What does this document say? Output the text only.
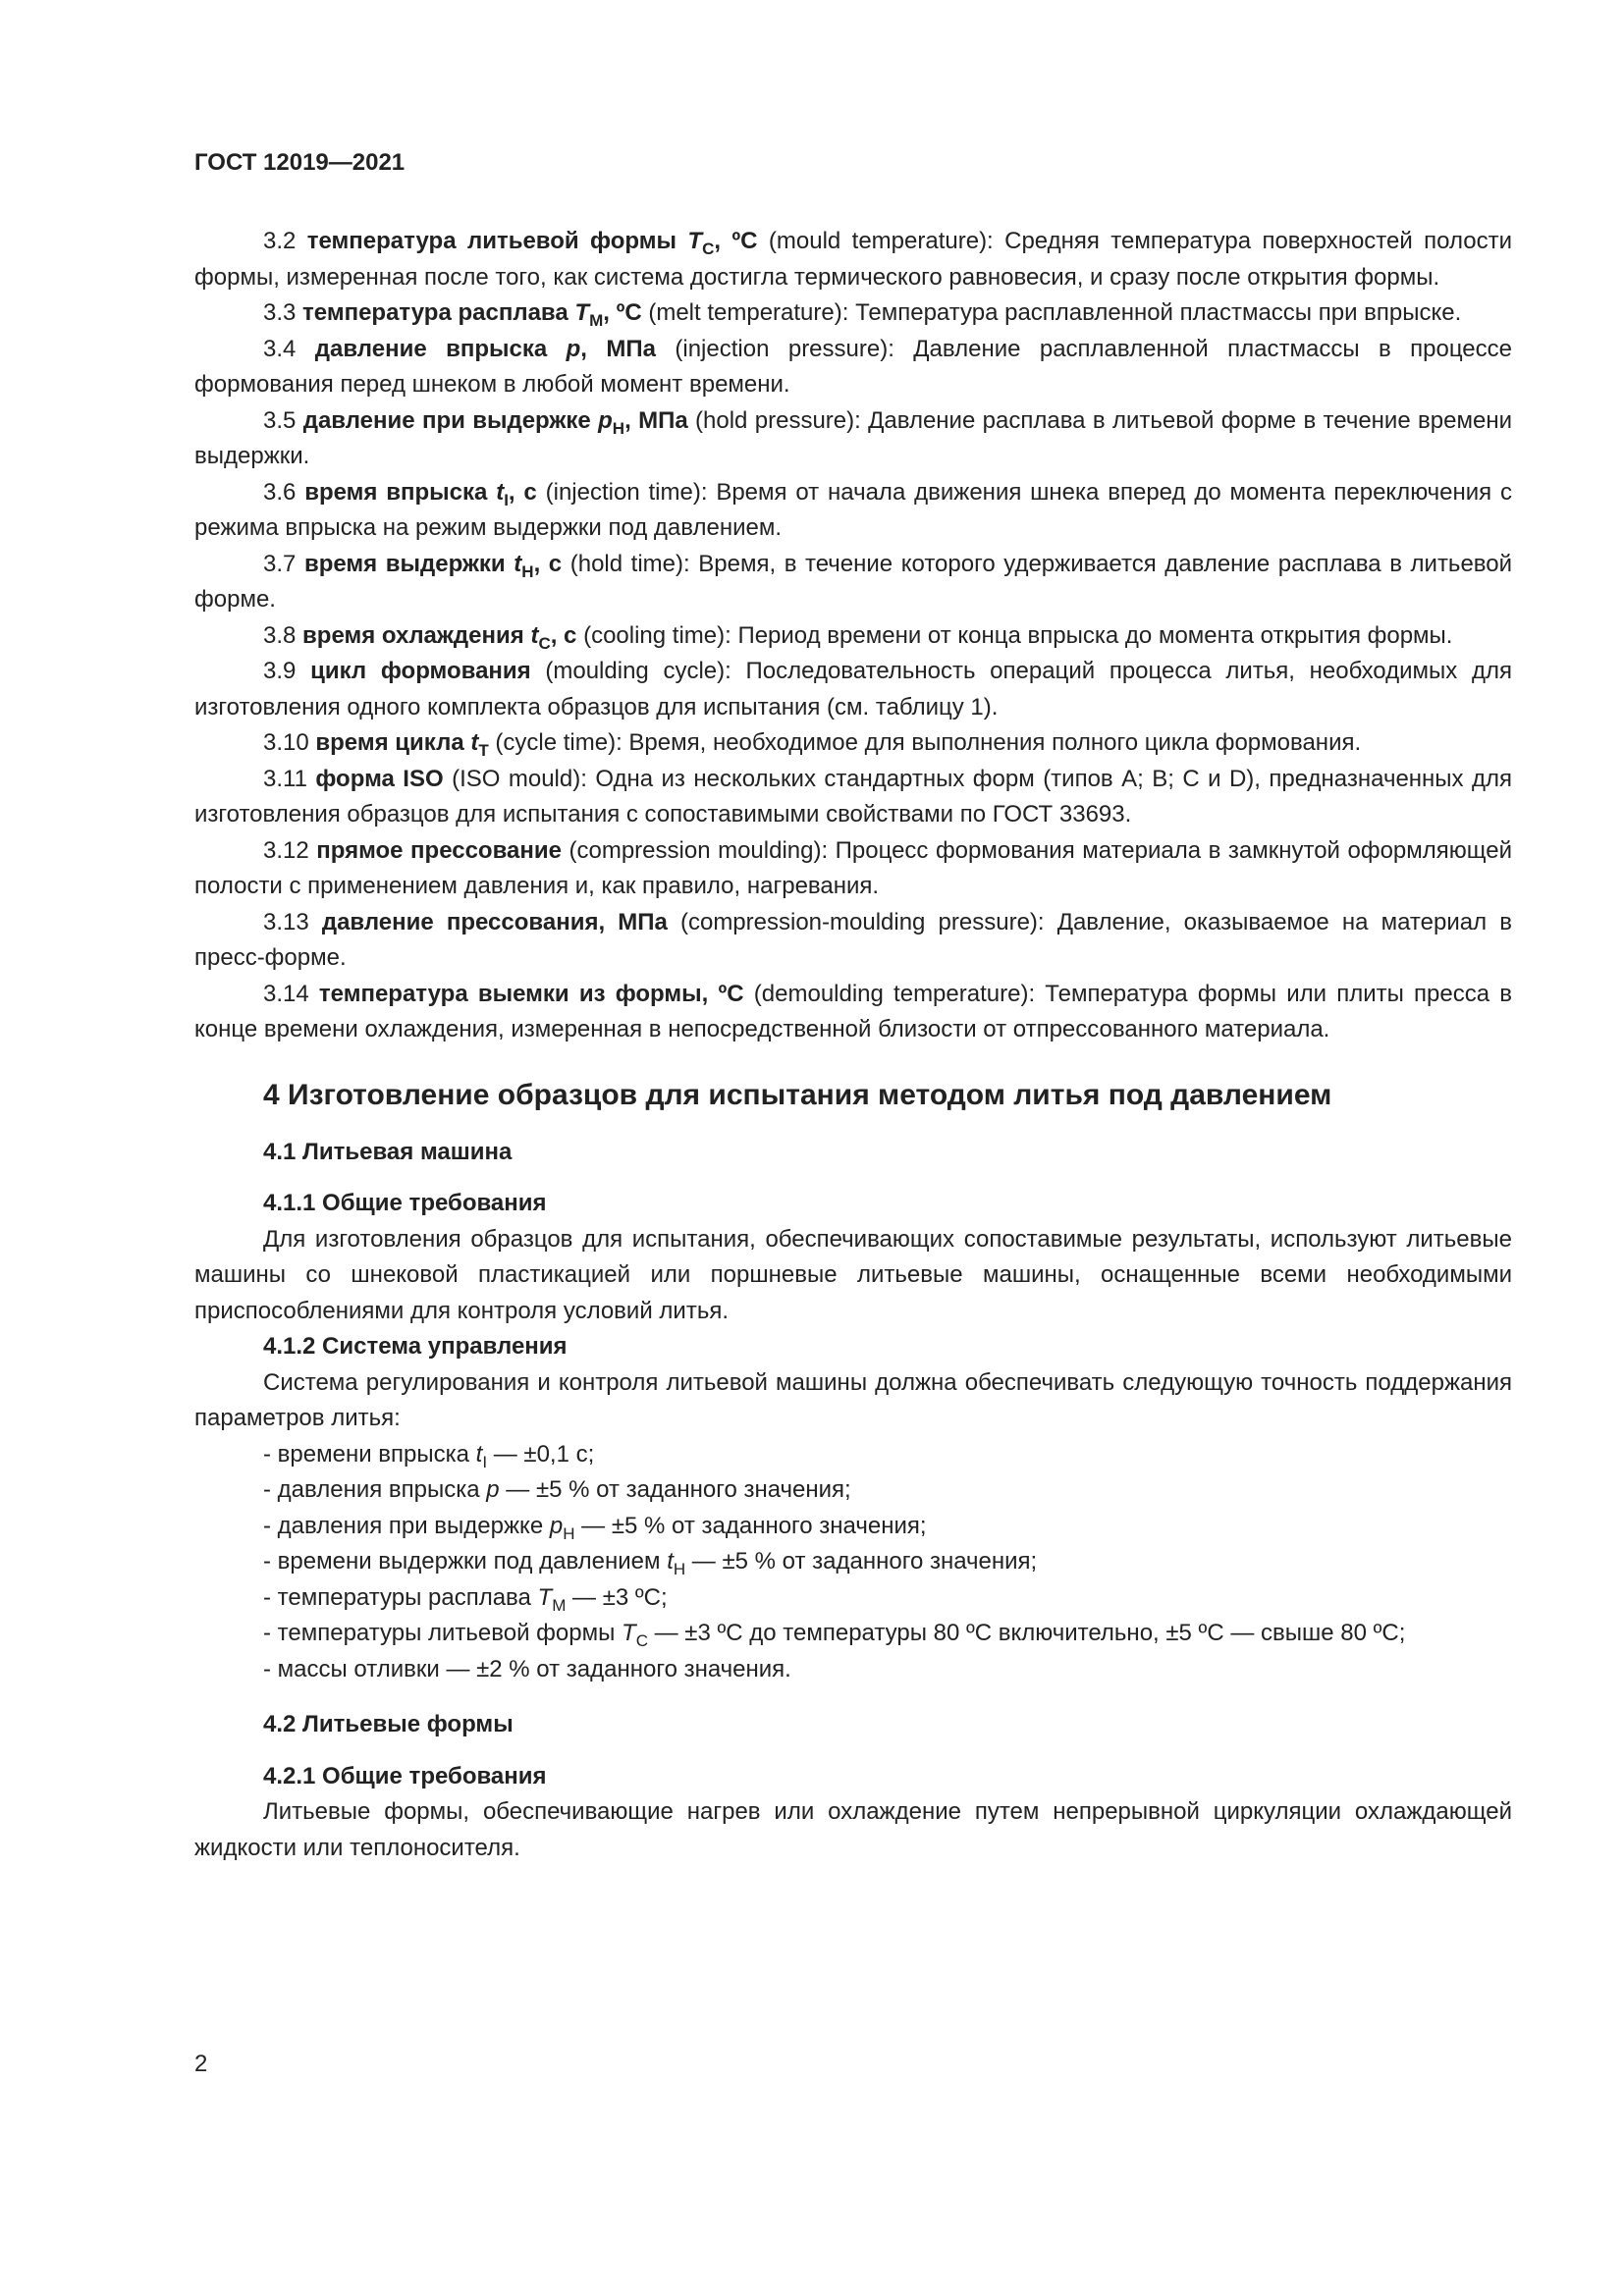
ГОСТ 12019—2021

3.2 температура литьевой формы $T_C$, ºC (mould temperature): Средняя температура поверхностей полости формы, измеренная после того, как система достигла термического равновесия, и сразу после открытия формы.

3.3 температура расплава $T_M$, ºC (melt temperature): Температура расплавленной пластмассы при впрыске.

3.4 давление впрыска p, МПа (injection pressure): Давление расплавленной пластмассы в процессе формования перед шнеком в любой момент времени.

3.5 давление при выдержке $p_H$, МПа (hold pressure): Давление расплава в литьевой форме в течение времени выдержки.

3.6 время впрыска $t_I$, с (injection time): Время от начала движения шнека вперед до момента переключения с режима впрыска на режим выдержки под давлением.

3.7 время выдержки $t_H$, с (hold time): Время, в течение которого удерживается давление расплава в литьевой форме.

3.8 время охлаждения $t_C$, с (cooling time): Период времени от конца впрыска до момента открытия формы.

3.9 цикл формования (moulding cycle): Последовательность операций процесса литья, необходимых для изготовления одного комплекта образцов для испытания (см. таблицу 1).

3.10 время цикла $t_T$ (cycle time): Время, необходимое для выполнения полного цикла формования.

3.11 форма ISO (ISO mould): Одна из нескольких стандартных форм (типов А; В; С и D), предназначенных для изготовления образцов для испытания с сопоставимыми свойствами по ГОСТ 33693.

3.12 прямое прессование (compression moulding): Процесс формования материала в замкнутой оформляющей полости с применением давления и, как правило, нагревания.

3.13 давление прессования, МПа (compression-moulding pressure): Давление, оказываемое на материал в пресс-форме.

3.14 температура выемки из формы, ºC (demoulding temperature): Температура формы или плиты пресса в конце времени охлаждения, измеренная в непосредственной близости от отпрессованного материала.

4 Изготовление образцов для испытания методом литья под давлением
4.1 Литьевая машина
4.1.1 Общие требования

Для изготовления образцов для испытания, обеспечивающих сопоставимые результаты, используют литьевые машины со шнековой пластикацией или поршневые литьевые машины, оснащенные всеми необходимыми приспособлениями для контроля условий литья.

4.1.2 Система управления

Система регулирования и контроля литьевой машины должна обеспечивать следующую точность поддержания параметров литья:

- времени впрыска $t_I$ — ±0,1 с;
- давления впрыска p — ±5 % от заданного значения;
- давления при выдержке $p_H$ — ±5 % от заданного значения;
- времени выдержки под давлением $t_H$ — ±5 % от заданного значения;
- температуры расплава $T_M$ — ±3 ºC;
- температуры литьевой формы $T_C$ — ±3 ºC до температуры 80 ºC включительно, ±5 ºC — свыше 80 ºC;
- массы отливки — ±2 % от заданного значения.
4.2 Литьевые формы
4.2.1 Общие требования

Литьевые формы, обеспечивающие нагрев или охлаждение путем непрерывной циркуляции охлаждающей жидкости или теплоносителя.

2
